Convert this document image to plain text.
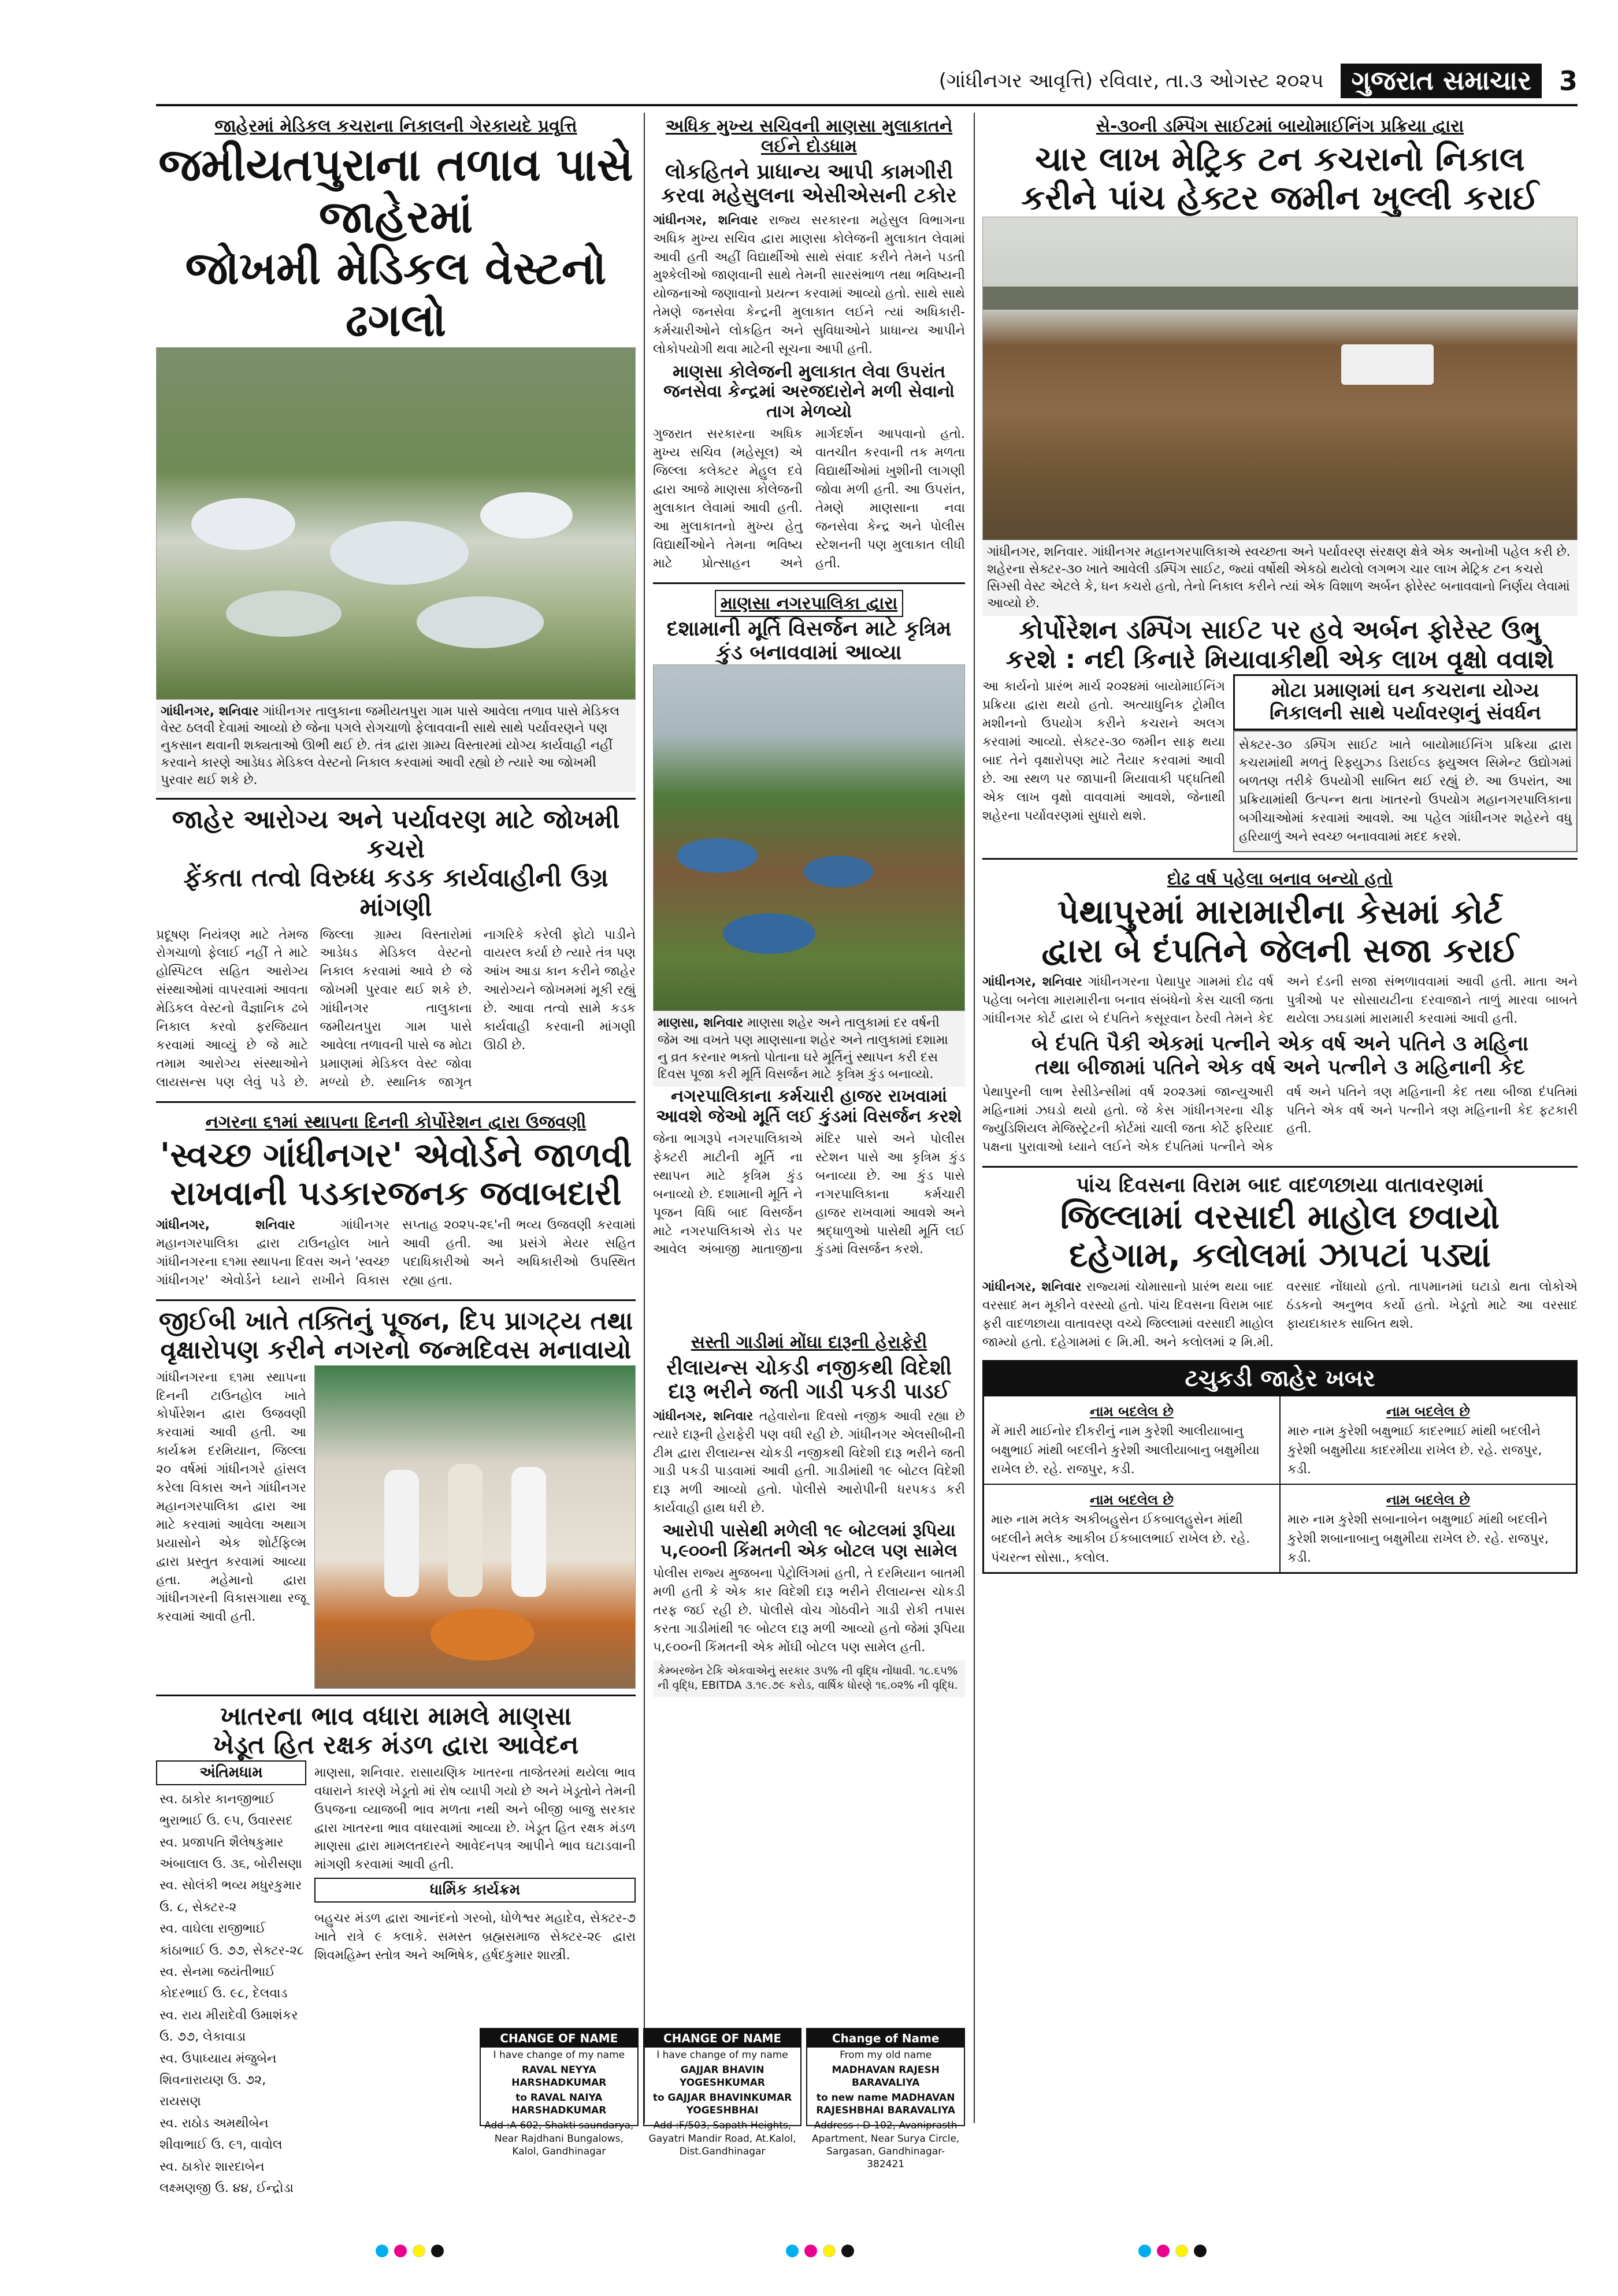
(ગાંધીનગર આવૃત્તિ) રવિવાર, તા.૩ ઓગસ્ટ ૨૦૨૫	ગુજરાત સમાચાર	3
જાહેરમાં મેડિકલ કચરાના નિકાલની ગેરકાયદે પ્રવૃત્તિ
જમીયતપુરાના તળાવ પાસે જાહેરમાં
જોખમી મેડિકલ વેસ્ટનો ઢગલો
ગાંધીનગર, શનિવાર ગાંધીનગર તાલુકાના જમીયતપુરા ગામ પાસે આવેલા તળાવ પાસે મેડિકલ વેસ્ટ ઠલવી દેવામાં આવ્યો છે જેના પગલે રોગચાળો ફેલાવવાની સાથે સાથે પર્યાવરણને પણ નુકસાન થવાની શક્યતાઓ ઊભી થઈ છે. તંત્ર દ્વારા ગ્રામ્ય વિસ્તારમાં યોગ્ય કાર્યવાહી નહીં કરવાને કારણે આડેધડ મેડિકલ વેસ્ટનો નિકાલ કરવામાં આવી રહ્યો છે ત્યારે આ જોખમી પુરવાર થઈ શકે છે.
જાહેર આરોગ્ય અને પર્યાવરણ માટે જોખમી કચરો
ફેંકતા તત્વો વિરુધ્ધ કડક કાર્યવાહીની ઉગ્ર માંગણી
પ્રદૂષણ નિયંત્રણ માટે તેમજ રોગચાળો ફેલાઈ નહીં તે માટે હોસ્પિટલ સહિત આરોગ્ય સંસ્થાઓમાં વાપરવામાં આવતા મેડિકલ વેસ્ટનો વૈજ્ઞાનિક ઢબે નિકાલ કરવો ફરજિયાત કરવામાં આવ્યું છે જે માટે તમામ આરોગ્ય સંસ્થાઓને લાયસન્સ પણ લેવું પડે છે. જિલ્લા ગ્રામ્ય વિસ્તારોમાં આડેધડ મેડિકલ વેસ્ટનો નિકાલ કરવામાં આવે છે જે જોખમી પુરવાર થઈ શકે છે. ગાંધીનગર તાલુકાના જમીયતપુરા ગામ પાસે આવેલા તળાવની પાસે જ મોટા પ્રમાણમાં મેડિકલ વેસ્ટ જોવા મળ્યો છે. સ્થાનિક જાગૃત નાગરિકે કરેલી ફોટો પાડીને વાયરલ કર્યા છે ત્યારે તંત્ર પણ આંખ આડા કાન કરીને જાહેર આરોગ્યને જોખમમાં મૂકી રહ્યું છે. આવા તત્વો સામે કડક કાર્યવાહી કરવાની માંગણી ઊઠી છે.
નગરના ૬૧માં સ્થાપના દિનની કોર્પોરેશન દ્વારા ઉજવણી
'સ્વચ્છ ગાંધીનગર' એવોર્ડને જાળવી
રાખવાની પડકારજનક જવાબદારી
ગાંધીનગર, શનિવાર	ગાંધીનગર મહાનગરપાલિકા દ્વારા ટાઉનહોલ ખાતે ગાંધીનગરના ૬૧મા સ્થાપના દિવસ અને 'સ્વચ્છ ગાંધીનગર' એવોર્ડને ધ્યાને રાખીને વિકાસ સપ્તાહ ૨૦૨૫-૨૬'ની ભવ્ય ઉજવણી કરવામાં આવી હતી. આ પ્રસંગે મેયર સહિત પદાધિકારીઓ અને અધિકારીઓ ઉપસ્થિત રહ્યા હતા.
જીઈબી ખાતે તક્તિનું પૂજન, દિપ પ્રાગટ્ય તથા
વૃક્ષારોપણ કરીને નગરનો જન્મદિવસ મનાવાયો
ગાંધીનગરના ૬૧મા સ્થાપના દિનની ટાઉનહોલ ખાતે કોર્પોરેશન દ્વારા ઉજવણી કરવામાં આવી હતી. આ કાર્યક્રમ દરમિયાન, જિલ્લા ૨૦ વર્ષમાં ગાંધીનગરે હાંસલ કરેલા વિકાસ અને ગાંધીનગર મહાનગરપાલિકા દ્વારા આ માટે કરવામાં આવેલા અથાગ પ્રયાસોને એક શોર્ટફિલ્મ દ્વારા પ્રસ્તુત કરવામાં આવ્યા હતા. મહેમાનો દ્વારા ગાંધીનગરની વિકાસગાથા રજૂ કરવામાં આવી હતી.
ખાતરના ભાવ વધારા મામલે માણસા
ખેડૂત હિત રક્ષક મંડળ દ્વારા આવેદન
અંતિમધામ
સ્વ. ઠાકોર કાનજીભાઈ ભુરાભાઈ ઉ. ૯૫, ઉવારસદ
સ્વ. પ્રજાપતિ શૈલેષકુમાર અંબાલાલ ઉ. ૩૬, બોરીસણા
સ્વ. સોલંકી ભવ્ય મધુરકુમાર ઉ. ૮, સેક્ટર-૨
સ્વ. વાઘેલા રાજીભાઈ કાંઠાભાઈ ઉ. ૭૭, સેક્ટર-૨૮
સ્વ. સેનમા જયંતીભાઈ કોદરભાઈ ઉ. ૯૮, દેલવાડ
સ્વ. રાય મીરાદેવી ઉમાશંકર ઉ. ૭૭, લેકાવાડા
સ્વ. ઉપાધ્યાય મંજુબેન શિવનારાયણ ઉ. ૭૨, રાયસણ
સ્વ. રાઠોડ અમથીબેન શીવાભાઈ ઉ. ૯૧, વાવોલ
સ્વ. ઠાકોર શારદાબેન લક્ષ્મણજી ઉ. ૪૪, ઈન્દ્રોડા
માણસા, શનિવાર. રાસાયણિક ખાતરના તાજેતરમાં થયેલા ભાવ વધારાને કારણે ખેડૂતો માં રોષ વ્યાપી ગયો છે અને ખેડૂતોને તેમની ઉપજના વ્યાજબી ભાવ મળતા નથી અને બીજી બાજુ સરકાર દ્વારા ખાતરના ભાવ વધારવામાં આવ્યા છે. ખેડૂત હિત રક્ષક મંડળ માણસા દ્વારા મામલતદારને આવેદનપત્ર આપીને ભાવ ઘટાડવાની માંગણી કરવામાં આવી હતી.
ધાર્મિક કાર્યક્રમ
બહુચર મંડળ દ્વારા આનંદનો ગરબો, ધોળેશ્વર મહાદેવ, સેક્ટર-૭ ખાતે રાત્રે ૯ કલાકે. સમસ્ત બ્રહ્મસમાજ સેક્ટર-૨૯ દ્વારા શિવમહિમ્ન સ્તોત્ર અને અભિષેક, હર્ષદકુમાર શાસ્ત્રી.
અધિક મુખ્ય સચિવની માણસા મુલાકાતને લઈને દોડધામ
લોકહિતને પ્રાધાન્ય આપી કામગીરી કરવા મહેસુલના એસીએસની ટકોર
ગાંધીનગર, શનિવાર રાજ્ય સરકારના મહેસુલ વિભાગના અધિક મુખ્ય સચિવ દ્વારા માણસા કોલેજની મુલાકાત લેવામાં આવી હતી અહીં વિદ્યાર્થીઓ સાથે સંવાદ કરીને તેમને પડતી મુશ્કેલીઓ જાણવાની સાથે તેમની સારસંભાળ તથા ભવિષ્યની યોજનાઓ જણાવાનો પ્રયત્ન કરવામાં આવ્યો હતો. સાથે સાથે તેમણે જનસેવા કેન્દ્રની મુલાકાત લઈને ત્યાં અધિકારી-કર્મચારીઓને લોકહિત અને સુવિધાઓને પ્રાધાન્ય આપીને લોકોપયોગી થવા માટેની સૂચના આપી હતી.
માણસા કોલેજની મુલાકાત લેવા ઉપરાંત જનસેવા કેન્દ્રમાં અરજદારોને મળી સેવાનો તાગ મેળવ્યો
ગુજરાત સરકારના અધિક મુખ્ય સચિવ (મહેસૂલ) એ જિલ્લા કલેક્ટર મેહુલ દવે દ્વારા આજે માણસા કોલેજની મુલાકાત લેવામાં આવી હતી. આ મુલાકાતનો મુખ્ય હેતુ વિદ્યાર્થીઓને તેમના ભવિષ્ય માટે પ્રોત્સાહન અને માર્ગદર્શન આપવાનો હતો. વાતચીત કરવાની તક મળતા વિદ્યાર્થીઓમાં ખુશીની લાગણી જોવા મળી હતી. આ ઉપરાંત, તેમણે માણસાના નવા જનસેવા કેન્દ્ર અને પોલીસ સ્ટેશનની પણ મુલાકાત લીધી હતી.
માણસા નગરપાલિકા દ્વારા
દશામાની મૂર્તિ વિસર્જન માટે કૃત્રિમ કુંડ બનાવવામાં આવ્યા
માણસા, શનિવાર માણસા શહેર અને તાલુકામાં દર વર્ષની જેમ આ વખતે પણ માણસાના શહેર અને તાલુકામાં દશામા નુ વ્રત કરનાર ભક્તો પોતાના ઘરે મૂર્તિનું સ્થાપન કરી દસ દિવસ પૂજા કરી મૂર્તિ વિસર્જન માટે કૃત્રિમ કુંડ બનાવ્યો.
નગરપાલિકાના કર્મચારી હાજર રાખવામાં આવશે જેઓ મૂર્તિ લઈ કુંડમાં વિસર્જન કરશે
જેના ભાગરૂપે નગરપાલિકાએ ફેક્ટરી માટીની મૂર્તિ ના સ્થાપન માટે કૃત્રિમ કુંડ બનાવ્યો છે. દશામાની મૂર્તિ ને પૂજન વિધિ બાદ વિસર્જન માટે નગરપાલિકાએ રોડ પર આવેલ અંબાજી માતાજીના મંદિર પાસે અને પોલીસ સ્ટેશન પાસે આ કૃત્રિમ કુંડ બનાવ્યા છે. આ કુંડ પાસે નગરપાલિકાના કર્મચારી હાજર રાખવામાં આવશે અને શ્રદ્ધાળુઓ પાસેથી મૂર્તિ લઈ કુંડમાં વિસર્જન કરશે.
સે-૩૦ની ડમ્પિંગ સાઈટમાં બાયોમાઈનિંગ પ્રક્રિયા દ્વારા
ચાર લાખ મેટ્રિક ટન કચરાનો નિકાલ
કરીને પાંચ હેક્ટર જમીન ખુલ્લી કરાઈ
ગાંધીનગર, શનિવાર. ગાંધીનગર મહાનગરપાલિકાએ સ્વચ્છતા અને પર્યાવરણ સંરક્ષણ ક્ષેત્રે એક અનોખી પહેલ કરી છે. શહેરના સેક્ટર-૩૦ ખાતે આવેલી ડમ્પિંગ સાઈટ, જ્યાં વર્ષોથી એકઠો થયેલો લગભગ ચાર લાખ મેટ્રિક ટન કચરો સિગ્સી વેસ્ટ એટલે કે, ધન કચરો હતો, તેનો નિકાલ કરીને ત્યાં એક વિશાળ અર્બન ફોરેસ્ટ બનાવવાનો નિર્ણય લેવામાં આવ્યો છે.
કોર્પોરેશન ડમ્પિંગ સાઈટ પર હવે અર્બન ફોરેસ્ટ ઉભુ
કરશે : નદી કિનારે મિયાવાકીથી એક લાખ વૃક્ષો વવાશે
આ કાર્યનો પ્રારંભ માર્ચ ૨૦૨૪માં બાયોમાઈનિંગ પ્રક્રિયા દ્વારા થયો હતો. અત્યાધુનિક ટ્રોમીલ મશીનનો ઉપયોગ કરીને કચરાને અલગ કરવામાં આવ્યો. સેક્ટર-૩૦ જમીન સાફ થયા બાદ તેને વૃક્ષારોપણ માટે તૈયાર કરવામાં આવી છે. આ સ્થળ પર જાપાની મિયાવાકી પદ્ધતિથી એક લાખ વૃક્ષો વાવવામાં આવશે, જેનાથી શહેરના પર્યાવરણમાં સુધારો થશે.
મોટા પ્રમાણમાં ઘન કચરાના યોગ્ય નિકાલની સાથે પર્યાવરણનું સંવર્ધન
સેક્ટર-૩૦ ડમ્પિંગ સાઈટ ખાતે બાયોમાઈનિંગ પ્રક્રિયા દ્વારા કચરામાંથી મળતું રિફ્યુઝ્ડ ડિરાઈવ્ડ ફ્યુઅલ સિમેન્ટ ઉદ્યોગમાં બળતણ તરીકે ઉપયોગી સાબિત થઈ રહ્યું છે. આ ઉપરાંત, આ પ્રક્રિયામાંથી ઉત્પન્ન થતા ખાતરનો ઉપયોગ મહાનગરપાલિકાના બગીચાઓમાં કરવામાં આવશે. આ પહેલ ગાંધીનગર શહેરને વધુ હરિયાળું અને સ્વચ્છ બનાવવામાં મદદ કરશે.
દોઢ વર્ષ પહેલા બનાવ બન્યો હતો
પેથાપુરમાં મારામારીના કેસમાં કોર્ટ
દ્વારા બે દંપતિને જેલની સજા કરાઈ
ગાંધીનગર, શનિવાર ગાંધીનગરના પેથાપુર ગામમાં દોઢ વર્ષ પહેલા બનેલા મારામારીના બનાવ સંબંધેનો કેસ ચાલી જતા ગાંધીનગર કોર્ટ દ્વારા બે દંપતિને કસૂરવાન ઠેરવી તેમને કેદ અને દંડની સજા સંભળાવવામાં આવી હતી. માતા અને પુત્રીઓ પર સોસાયટીના દરવાજાને તાળું મારવા બાબતે થયેલા ઝઘડામાં મારામારી કરવામાં આવી હતી.
બે દંપતિ પૈકી એકમાં પત્નીને એક વર્ષ અને પતિને ૩ મહિના
તથા બીજામાં પતિને એક વર્ષ અને પત્નીને ૩ મહિનાની કેદ
પેથાપુરની લાભ રેસીડેન્સીમાં વર્ષ ૨૦૨૩માં જાન્યુઆરી મહિનામાં ઝઘડો થયો હતો. જે કેસ ગાંધીનગરના ચીફ જ્યુડિશિયલ મેજિસ્ટ્રેટની કોર્ટમાં ચાલી જતા કોર્ટે ફરિયાદ પક્ષના પુરાવાઓ ધ્યાને લઈને એક દંપતિમાં પત્નીને એક વર્ષ અને પતિને ત્રણ મહિનાની કેદ તથા બીજા દંપતિમાં પતિને એક વર્ષ અને પત્નીને ત્રણ મહિનાની કેદ ફટકારી હતી.
પાંચ દિવસના વિરામ બાદ વાદળછાયા વાતાવરણમાં
જિલ્લામાં વરસાદી માહોલ છવાયો
દહેગામ, કલોલમાં ઝાપટાં પડ્યાં
ગાંધીનગર, શનિવાર રાજ્યમાં ચોમાસાનો પ્રારંભ થયા બાદ વરસાદ મન મૂકીને વરસ્યો હતો. પાંચ દિવસના વિરામ બાદ ફરી વાદળછાયા વાતાવરણ વચ્ચે જિલ્લામાં વરસાદી માહોલ જામ્યો હતો. દહેગામમાં ૯ મિ.મી. અને કલોલમાં ૨ મિ.મી. વરસાદ નોંધાયો હતો. તાપમાનમાં ઘટાડો થતા લોકોએ ઠંડકનો અનુભવ કર્યો હતો. ખેડૂતો માટે આ વરસાદ ફાયદાકારક સાબિત થશે.
ટચુકડી જાહેર ખબર
નામ બદલેલ છે
મેં મારી માઈનોર દીકરીનું નામ કુરેશી આલીયાબાનુ બક્ષુભાઈ માંથી બદલીને કુરેશી આલીયાબાનુ બક્ષુમીયા રાખેલ છે. રહે. રાજપુર, કડી.
નામ બદલેલ છે
મારુ નામ કુરેશી બક્ષુભાઈ કાદરભાઈ માંથી બદલીને કુરેશી બક્ષુમીયા કાદરમીયા રાખેલ છે. રહે. રાજપુર, કડી.
નામ બદલેલ છે
મારુ નામ મલેક અકીબહુસેન ઈકબાલહુસેન માંથી બદલીને મલેક આકીબ ઈકબાલભાઈ રાખેલ છે. રહે. પંચરત્ન સોસા., કલોલ.
નામ બદલેલ છે
મારુ નામ કુરેશી સબાનાબેન બક્ષુભાઈ માંથી બદલીને કુરેશી શબાનાબાનુ બક્ષુમીયા રાખેલ છે. રહે. રાજપુર, કડી.
સસ્તી ગાડીમાં મોંઘા દારૂની હેરાફેરી
રીલાયન્સ ચોકડી નજીકથી વિદેશી
દારૂ ભરીને જતી ગાડી પકડી પાડઈ
ગાંધીનગર, શનિવાર તહેવારોના દિવસો નજીક આવી રહ્યા છે ત્યારે દારૂની હેરાફેરી પણ વધી રહી છે. ગાંધીનગર એલસીબીની ટીમ દ્વારા રીલાયન્સ ચોકડી નજીકથી વિદેશી દારૂ ભરીને જતી ગાડી પકડી પાડવામાં આવી હતી. ગાડીમાંથી ૧૯ બોટલ વિદેશી દારૂ મળી આવ્યો હતો. પોલીસે આરોપીની ધરપકડ કરી કાર્યવાહી હાથ ધરી છે.
આરોપી પાસેથી મળેલી ૧૯ બોટલમાં રૂપિયા ૫,૯૦૦ની કિંમતની એક બોટલ પણ સામેલ
પોલીસ રાજ્ય મુજબના પેટ્રોલિંગમાં હતી, તે દરમિયાન બાતમી મળી હતી કે એક કાર વિદેશી દારૂ ભરીને રીલાયન્સ ચોકડી તરફ જઈ રહી છે. પોલીસે વોચ ગોઠવીને ગાડી રોકી તપાસ કરતા ગાડીમાંથી ૧૯ બોટલ દારૂ મળી આવ્યો હતો જેમાં રૂપિયા ૫,૯૦૦ની કિંમતની એક મોંઘી બોટલ પણ સામેલ હતી.
કેમ્બરજેન ટેકિ એકવાએનું સરકાર ૩૫% ની વૃદ્ધિ નોંધાવી. ૧૮.૬૫% ની વૃદ્ધિ, EBITDA ૩.૧૯.૭૯ કરોડ, વાર્ષિક ધોરણે ૧૬.૦૨% ની વૃદ્ધિ.
CHANGE OF NAME
I have change of my name
RAVAL NEYYA HARSHADKUMAR
to RAVAL NAIYA HARSHADKUMAR
Add :A-602, Shakti saundarya, Near Rajdhani Bungalows, Kalol, Gandhinagar
CHANGE OF NAME
I have change of my name
GAJJAR BHAVIN YOGESHKUMAR
to GAJJAR BHAVINKUMAR YOGESHBHAI
Add :F/503, Sapath Heights, Gayatri Mandir Road, At.Kalol, Dist.Gandhinagar
Change of Name
From my old name
MADHAVAN RAJESH BARAVALIYA
to new name MADHAVAN RAJESHBHAI BARAVALIYA
Address : D-102, Avaniprasth Apartment, Near Surya Circle, Sargasan, Gandhinagar-382421
